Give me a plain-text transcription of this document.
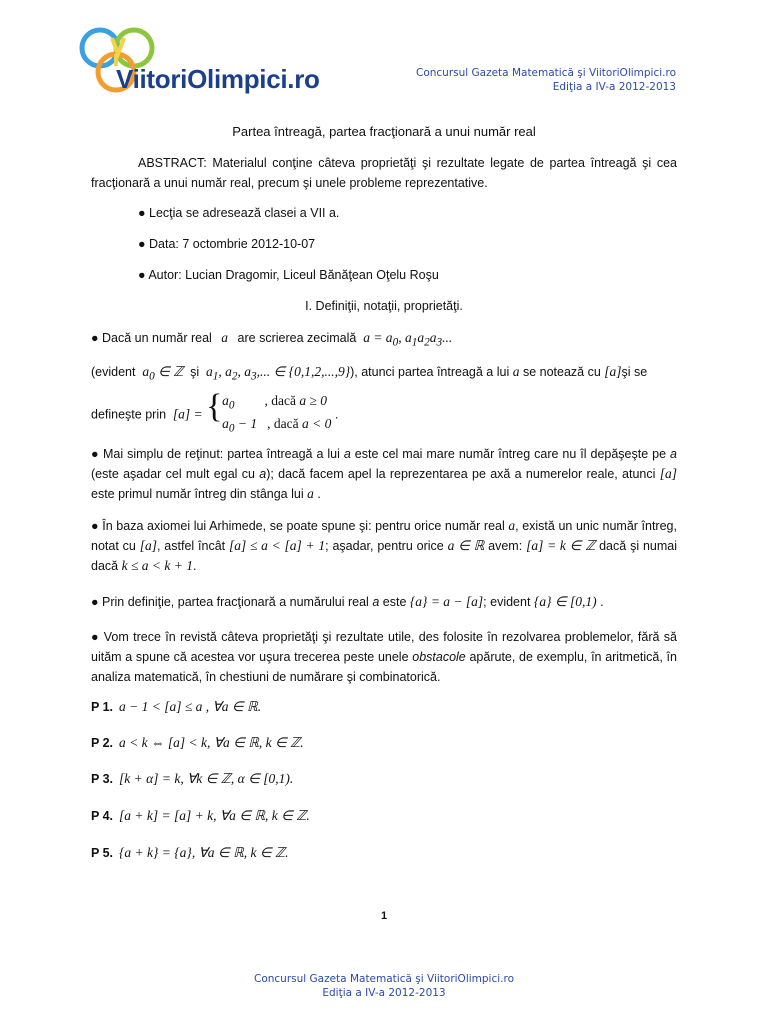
ViitoriOlimpici.ro	Concursul Gazeta Matematică şi ViitoriOlimpici.ro
Ediţia a IV-a 2012-2013
Partea întreagă, partea fracţionară a unui număr real
ABSTRACT: Materialul conţine câteva proprietăţi şi rezultate legate de partea întreagă şi cea fracţionară a unui număr real, precum şi unele probleme reprezentative.
● Lecţia se adresează clasei a VII a.
● Data: 7 octombrie 2012-10-07
● Autor: Lucian Dragomir, Liceul Bănăţean Oţelu Roşu
I. Definiţii, notaţii, proprietăţi.
● Dacă un număr real a are scrierea zecimală  $a = a_0$, $a_1a_2a_3$...
(evident  $a_0$ ∈ ℤ  şi  $a_1$, $a_2$, $a_3$,... ∈ {0,1,2,...,9}), atunci partea întreagă a lui a se notează cu [a]şi se
defineşte prin  [a] = { $a_0$ , dacă a ≥ 0
$a_0 - 1$ , dacă a < 0
.
● Mai simplu de reţinut: partea întreagă a lui a este cel mai mare număr întreg care nu îl depăşeşte pe a (este aşadar cel mult egal cu a); dacă facem apel la reprezentarea pe axă a numerelor reale, atunci [a] este primul număr întreg din stânga lui a .
● În baza axiomei lui Arhimede, se poate spune şi: pentru orice număr real a, există un unic număr întreg, notat cu [a], astfel încât [a] ≤ a < [a] + 1; aşadar, pentru orice a ∈ ℝ avem: [a] = k ∈ ℤ dacă şi numai dacă k ≤ a < k + 1.
● Prin definiţie, partea fracţionară a numărului real a este {a} = a − [a]; evident {a} ∈ [0,1) .
● Vom trece în revistă câteva proprietăţi şi rezultate utile, des folosite în rezolvarea problemelor, fără să uităm a spune că acestea vor uşura trecerea peste unele obstacole apărute, de exemplu, în aritmetică, în analiza matematică, în chestiuni de numărare şi combinatorică.
P 1. a − 1 < [a] ≤ a , ∀a ∈ ℝ.
P 2. a < k ⇔ [a] < k, ∀a ∈ ℝ, k ∈ ℤ.
P 3. [k + α] = k, ∀k ∈ ℤ, α ∈ [0,1).
P 4. [a + k] = [a] + k, ∀a ∈ ℝ, k ∈ ℤ.
P 5. {a + k} = {a}, ∀a ∈ ℝ, k ∈ ℤ.
1
Concursul Gazeta Matematică şi ViitoriOlimpici.ro
Ediţia a IV-a 2012-2013
